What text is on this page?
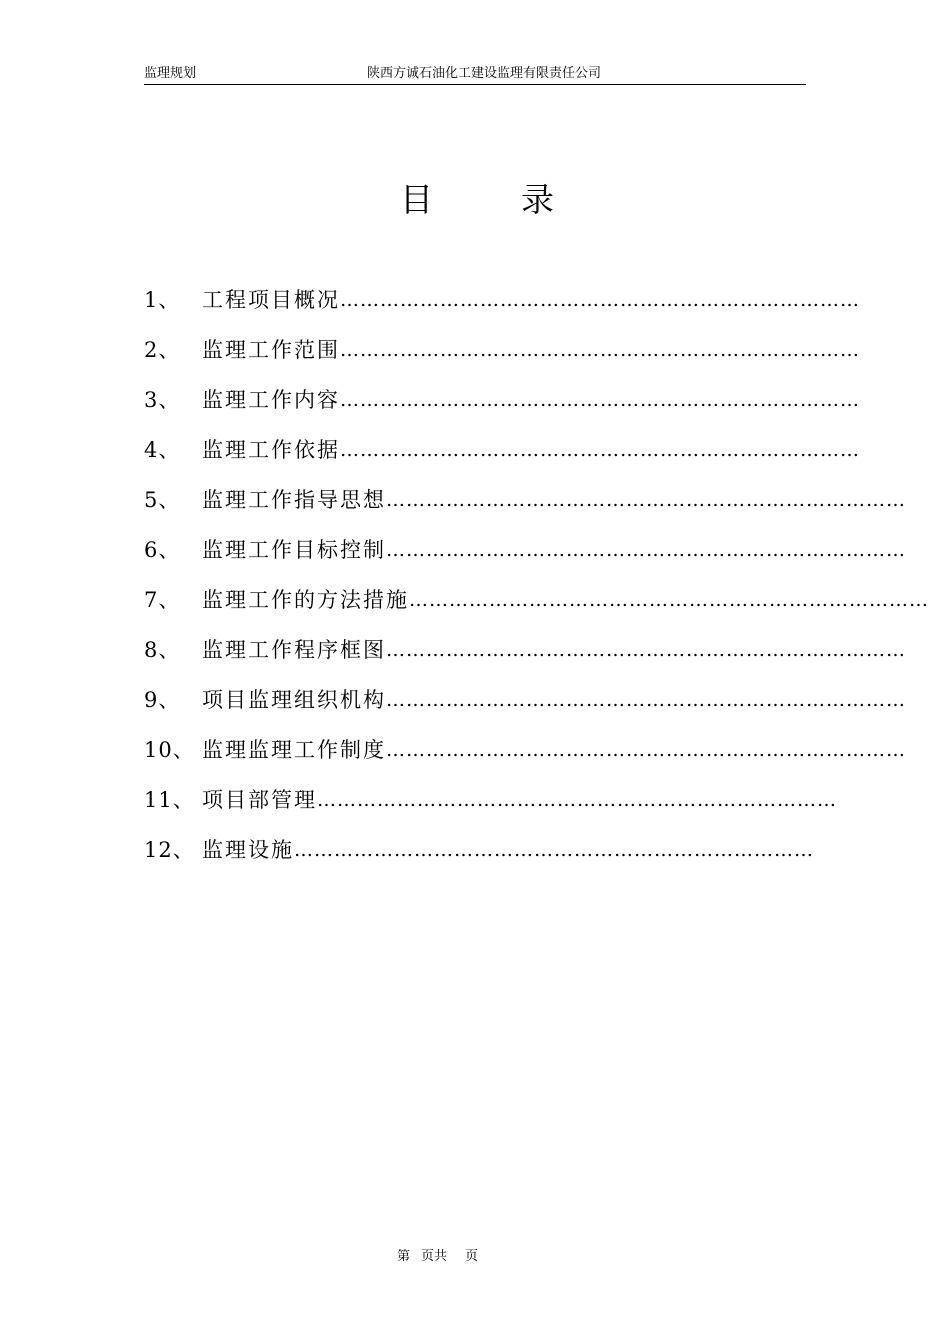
监理规划	陕西方诚石油化工建设监理有限责任公司
目	录
1、 工程项目概况 ……………………………………………………………………
2、 监理工作范围 ……………………………………………………………………
3、 监理工作内容 ……………………………………………………………………
4、 监理工作依据 ……………………………………………………………………
5、 监理工作指导思想 ……………………………………………………………………
6、 监理工作目标控制 ……………………………………………………………………
7、 监理工作的方法措施 ……………………………………………………………………
8、 监理工作程序框图 ……………………………………………………………………
9、 项目监理组织机构 ……………………………………………………………………
10、 监理监理工作制度 ……………………………………………………………………
11、 项目部管理 ……………………………………………………………………
12、 监理设施 ……………………………………………………………………
第 页共 页
